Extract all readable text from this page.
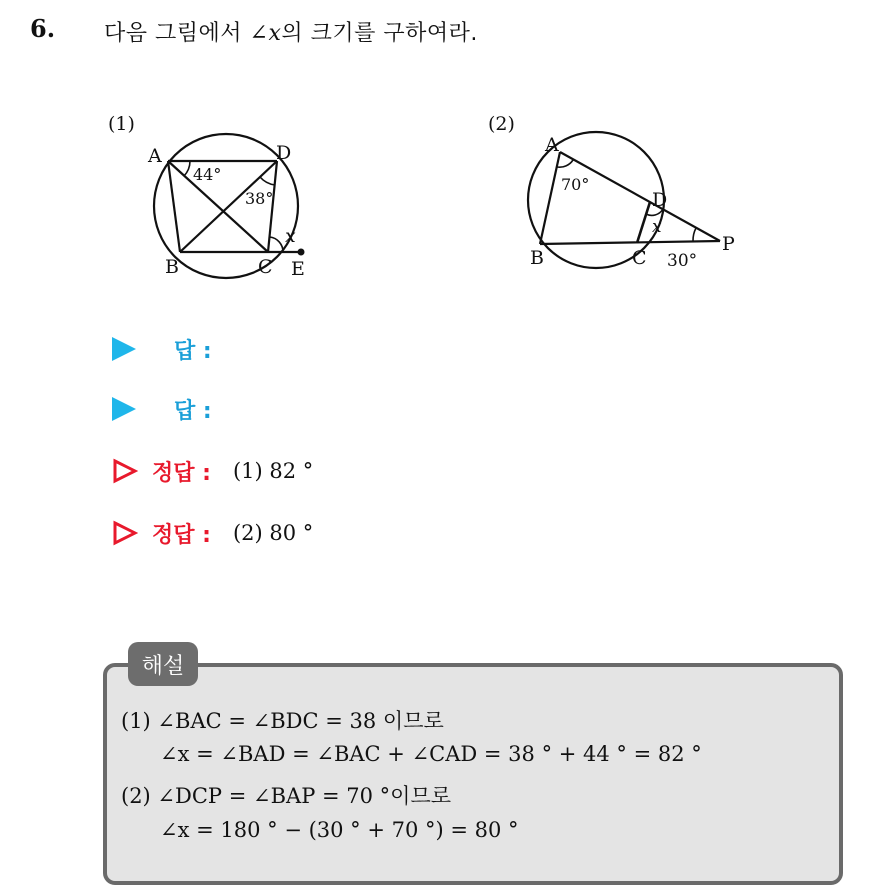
6. 다음 그림에서 ∠x의 크기를 구하여라.
(1)
A	D
B	C E
44°
38°
x
A
D
B	C
P
70°
x
30°
(2)
답 :
답 :
정답 : (1) 82 °
정답 : (2) 80 °
해설
(1) ∠BAC = ∠BDC = 38 이므로
∠x = ∠BAD = ∠BAC + ∠CAD = 38 ° + 44 ° = 82 °
(2) ∠DCP = ∠BAP = 70 °이므로
∠x = 180 ° − (30 ° + 70 °) = 80 °
